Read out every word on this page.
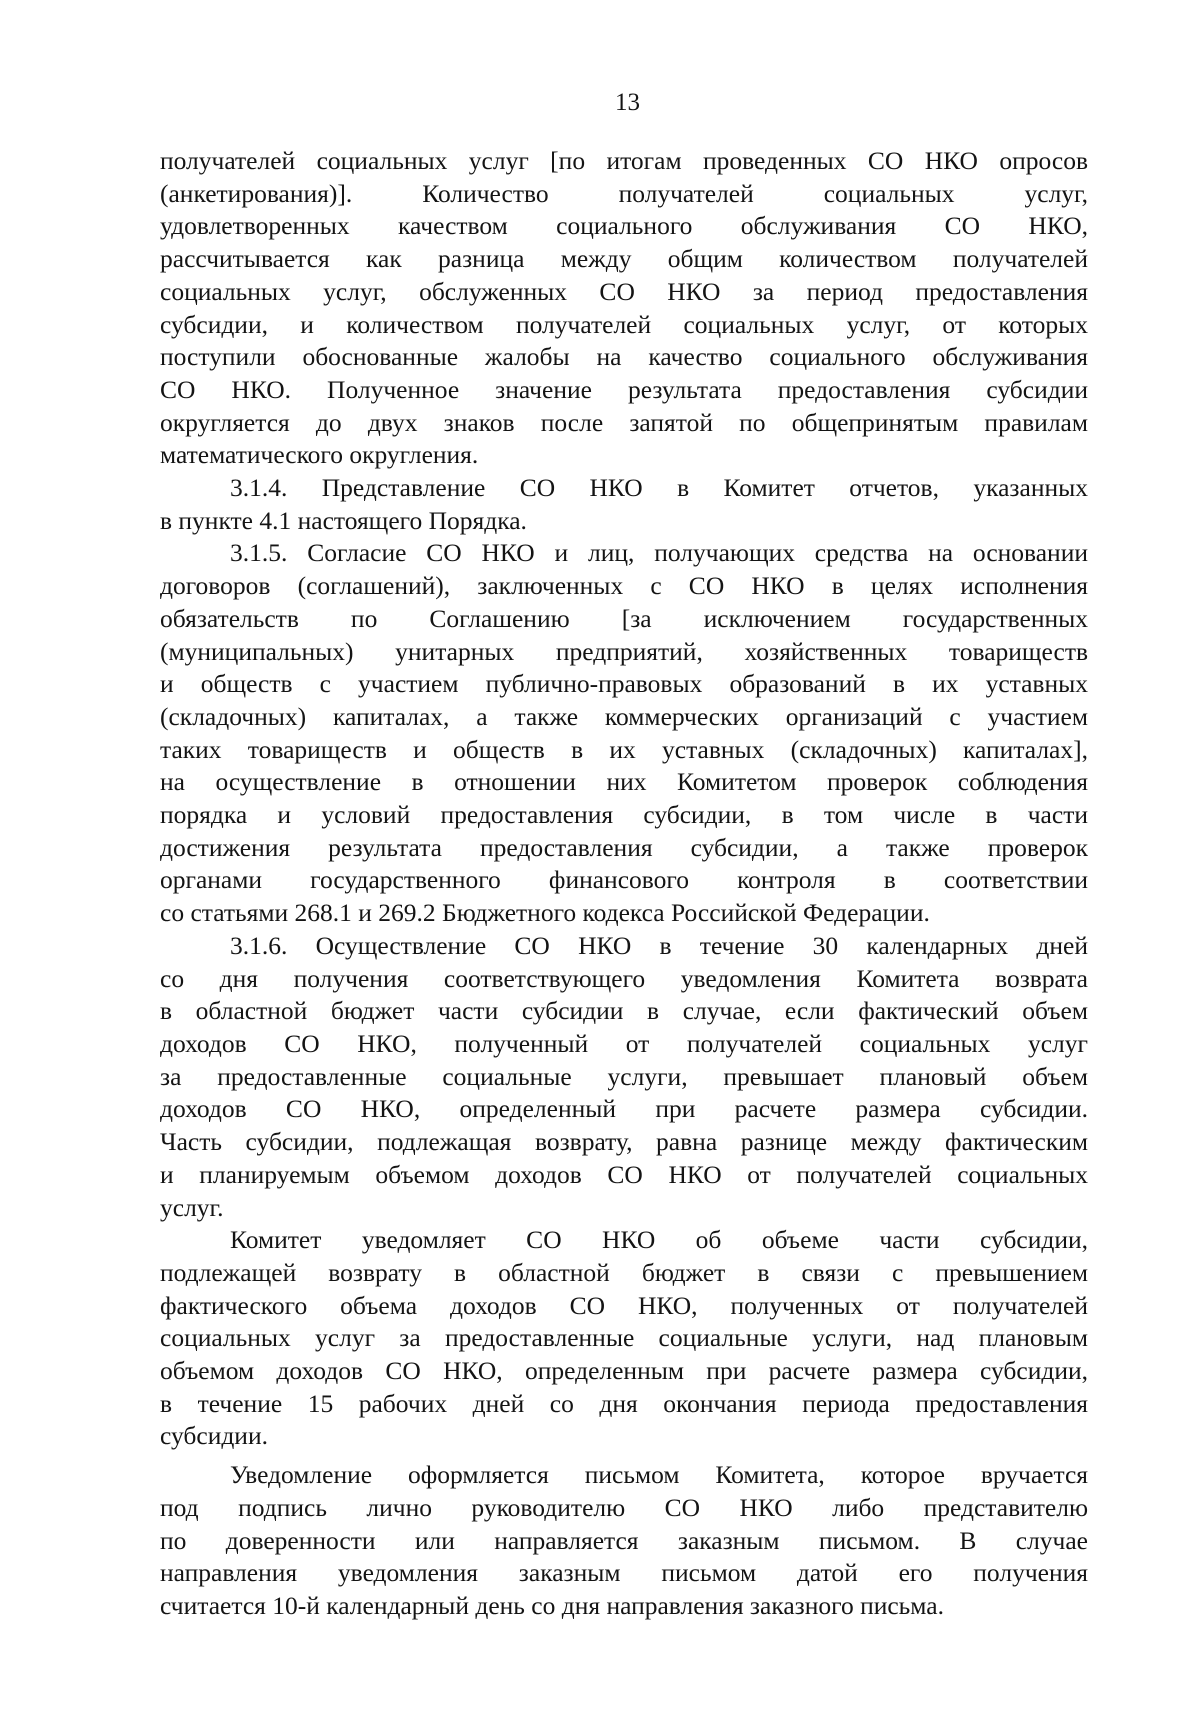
13
получателей социальных услуг [по итогам проведенных СО НКО опросов
(анкетирования)]. Количество получателей социальных услуг,
удовлетворенных качеством социального обслуживания СО НКО,
рассчитывается как разница между общим количеством получателей
социальных услуг, обслуженных СО НКО за период предоставления
субсидии, и количеством получателей социальных услуг, от которых
поступили обоснованные жалобы на качество социального обслуживания
СО НКО. Полученное значение результата предоставления субсидии
округляется до двух знаков после запятой по общепринятым правилам
математического округления.
3.1.4. Представление СО НКО в Комитет отчетов, указанных
в пункте 4.1 настоящего Порядка.
3.1.5. Согласие СО НКО и лиц, получающих средства на основании
договоров (соглашений), заключенных с СО НКО в целях исполнения
обязательств по Соглашению [за исключением государственных
(муниципальных) унитарных предприятий, хозяйственных товариществ
и обществ с участием публично-правовых образований в их уставных
(складочных) капиталах, а также коммерческих организаций с участием
таких товариществ и обществ в их уставных (складочных) капиталах],
на осуществление в отношении них Комитетом проверок соблюдения
порядка и условий предоставления субсидии, в том числе в части
достижения результата предоставления субсидии, а также проверок
органами государственного финансового контроля в соответствии
со статьями 268.1 и 269.2 Бюджетного кодекса Российской Федерации.
3.1.6. Осуществление СО НКО в течение 30 календарных дней
со дня получения соответствующего уведомления Комитета возврата
в областной бюджет части субсидии в случае, если фактический объем
доходов СО НКО, полученный от получателей социальных услуг
за предоставленные социальные услуги, превышает плановый объем
доходов СО НКО, определенный при расчете размера субсидии.
Часть субсидии, подлежащая возврату, равна разнице между фактическим
и планируемым объемом доходов СО НКО от получателей социальных
услуг.
Комитет уведомляет СО НКО об объеме части субсидии,
подлежащей возврату в областной бюджет в связи с превышением
фактического объема доходов СО НКО, полученных от получателей
социальных услуг за предоставленные социальные услуги, над плановым
объемом доходов СО НКО, определенным при расчете размера субсидии,
в течение 15 рабочих дней со дня окончания периода предоставления
субсидии.
Уведомление оформляется письмом Комитета, которое вручается
под подпись лично руководителю СО НКО либо представителю
по доверенности или направляется заказным письмом. В случае
направления уведомления заказным письмом датой его получения
считается 10-й календарный день со дня направления заказного письма.
